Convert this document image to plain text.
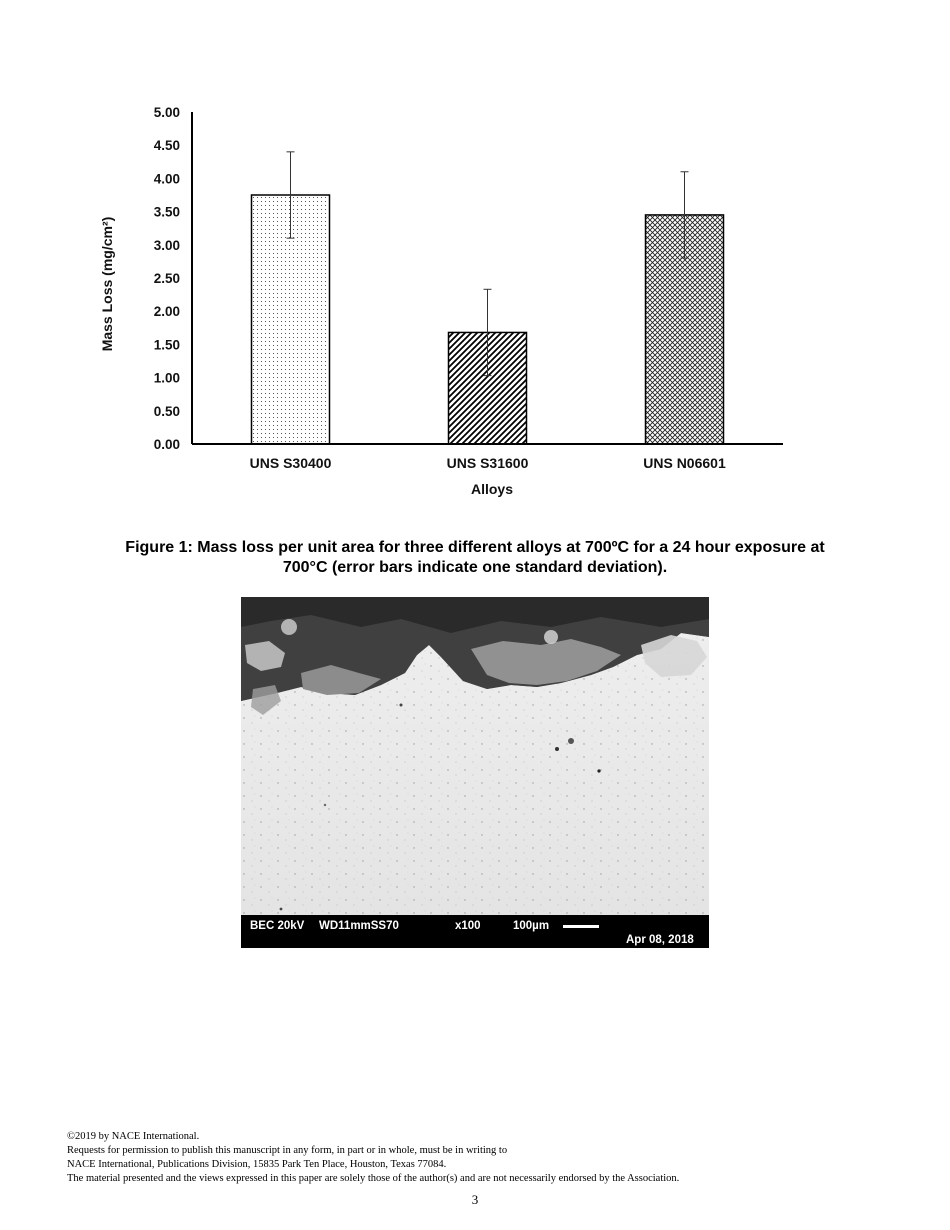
0.00
0.50
1.00
1.50
2.00
2.50
3.00
3.50
4.00
4.50
5.00
UNS S30400	UNS S31600	UNS N06601
Alloys
Mass Loss (mg/cm²)
Figure 1: Mass loss per unit area for three different alloys at 700ºC for a 24 hour exposure at
700°C (error bars indicate one standard deviation).
BEC 20kV WD11mmSS70	x100	100µm
Apr 08, 2018
©2019 by NACE International.
Requests for permission to publish this manuscript in any form, in part or in whole, must be in writing to
NACE International, Publications Division, 15835 Park Ten Place, Houston, Texas 77084.
The material presented and the views expressed in this paper are solely those of the author(s) and are not necessarily endorsed by the Association.
3
